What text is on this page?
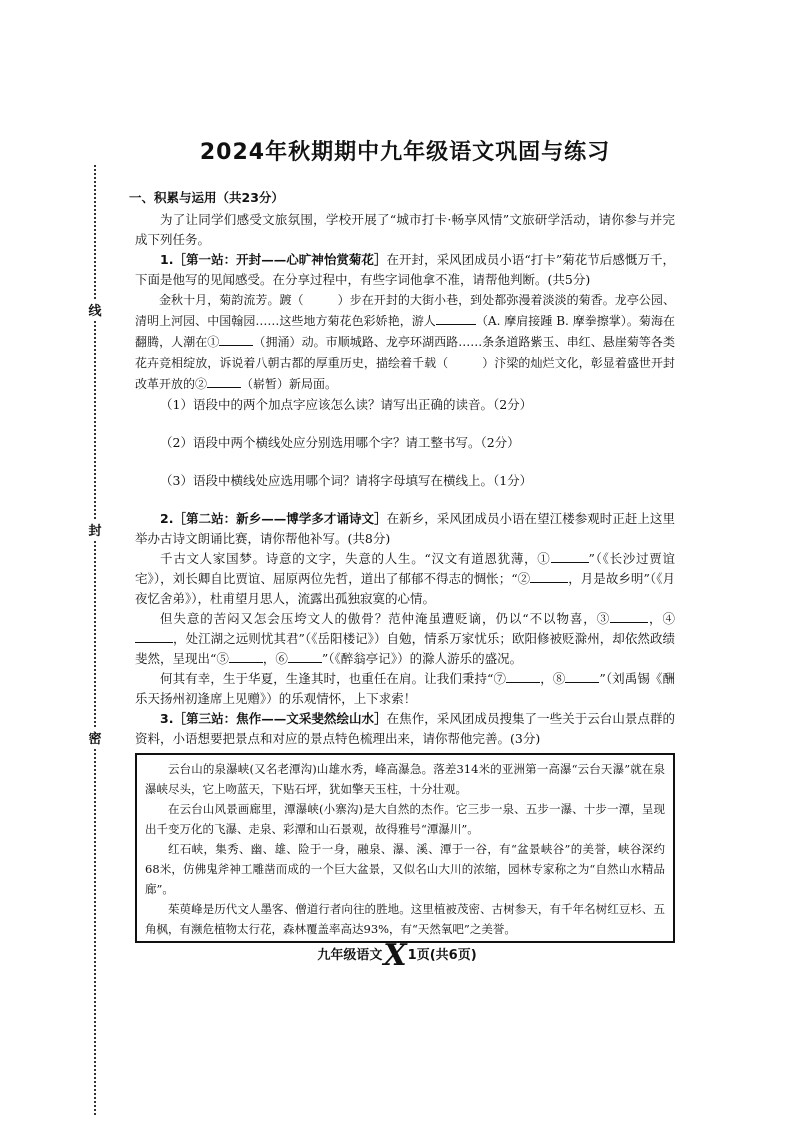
线
封
密
2024年秋期期中九年级语文巩固与练习
一、积累与运用（共23分）

为了让同学们感受文旅氛围，学校开展了“城市打卡·畅享风情”文旅研学活动，请你参与并完成下列任务。

1.［第一站：开封——心旷神怡赏菊花］在开封，采风团成员小语“打卡”菊花节后感慨万千，下面是他写的见闻感受。在分享过程中，有些字词他拿不准，请帮他判断。(共5分)

金秋十月，菊韵流芳。踱（	）步在开封的大街小巷，到处都弥漫着淡淡的菊香。龙亭公园、清明上河园、中国翰园……这些地方菊花色彩娇艳，游人	（A. 摩肩接踵 B. 摩拳擦掌）。菊海在翻腾，人潮在①	（拥涌）动。市顺城路、龙亭环湖西路……条条道路紫玉、串红、悬崖菊等各类花卉竞相绽放，诉说着八朝古都的厚重历史，描绘着千载（	）汴梁的灿烂文化，彰显着盛世开封改革开放的②	（崭暂）新局面。

（1）语段中的两个加点字应该怎么读？请写出正确的读音。（2分）

（2）语段中两个横线处应分别选用哪个字？请工整书写。（2分）

（3）语段中横线处应选用哪个词？请将字母填写在横线上。（1分）

2.［第二站：新乡——博学多才诵诗文］在新乡，采风团成员小语在望江楼参观时正赶上这里举办古诗文朗诵比赛，请你帮他补写。(共8分)

千古文人家国梦。诗意的文字，失意的人生。“汉文有道恩犹薄，①	”（《长沙过贾谊宅》），刘长卿自比贾谊、屈原两位先哲，道出了郁郁不得志的惆怅；“②	，月是故乡明”（《月夜忆舍弟》），杜甫望月思人，流露出孤独寂寞的心情。

但失意的苦闷又怎会压垮文人的傲骨？范仲淹虽遭贬谪，仍以“不以物喜，③	，④，处江湖之远则忧其君”（《岳阳楼记》）自勉，情系万家忧乐；欧阳修被贬滁州，却依然政绩斐然，呈现出“⑤	，⑥	”（《醉翁亭记》）的滁人游乐的盛况。

何其有幸，生于华夏，生逢其时，也重任在肩。让我们秉持“⑦	，⑧	”（刘禹锡《酬乐天扬州初逢席上见赠》）的乐观情怀，上下求索！

3.［第三站：焦作——文采斐然绘山水］在焦作，采风团成员搜集了一些关于云台山景点群的资料，小语想要把景点和对应的景点特色梳理出来，请你帮他完善。(3分)

云台山的泉瀑峡(又名老潭沟)山雄水秀，峰高瀑急。落差314米的亚洲第一高瀑“云台天瀑”就在泉瀑峡尽头，它上吻蓝天，下贴石坪，犹如擎天玉柱，十分壮观。

在云台山风景画廊里，潭瀑峡(小寨沟)是大自然的杰作。它三步一泉、五步一瀑、十步一潭，呈现出千变万化的飞瀑、走泉、彩潭和山石景观，故得雅号“潭瀑川”。

红石峡，集秀、幽、雄、险于一身，融泉、瀑、溪、潭于一谷，有“盆景峡谷”的美誉，峡谷深约68米，仿佛鬼斧神工雕凿而成的一个巨大盆景，又似名山大川的浓缩，园林专家称之为“自然山水精品廊”。

茱萸峰是历代文人墨客、僧道行者向往的胜地。这里植被茂密、古树参天，有千年名树红豆杉、五角枫，有濒危植物太行花，森林覆盖率高达93%，有“天然氧吧”之美誉。

九年级语文X1页(共6页)
